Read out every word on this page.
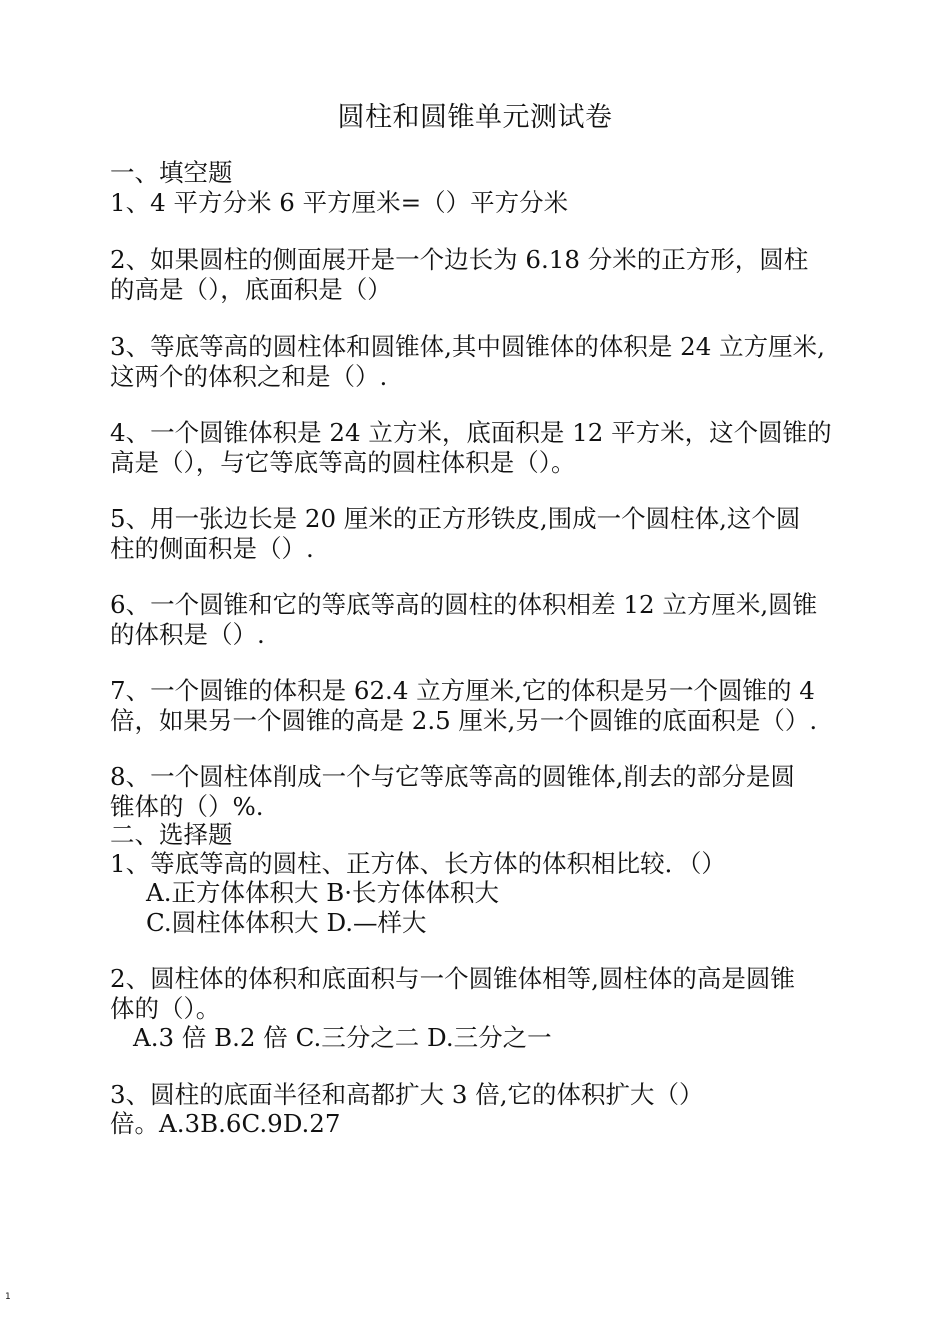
圆柱和圆锥单元测试卷
一、填空题
1、4 平方分米 6 平方厘米=（）平方分米
2、如果圆柱的侧面展开是一个边长为 6.18 分米的正方形，圆柱
的高是（），底面积是（）
3、等底等高的圆柱体和圆锥体,其中圆锥体的体积是 24 立方厘米,
这两个的体积之和是（）.
4、一个圆锥体积是 24 立方米，底面积是 12 平方米，这个圆锥的
高是（），与它等底等高的圆柱体积是（）。
5、用一张边长是 20 厘米的正方形铁皮,围成一个圆柱体,这个圆
柱的侧面积是（）.
6、一个圆锥和它的等底等高的圆柱的体积相差 12 立方厘米,圆锥
的体积是（）.
7、一个圆锥的体积是 62.4 立方厘米,它的体积是另一个圆锥的 4
倍，如果另一个圆锥的高是 2.5 厘米,另一个圆锥的底面积是（）.
8、一个圆柱体削成一个与它等底等高的圆锥体,削去的部分是圆
锥体的（）%.
二、选择题
1、等底等高的圆柱、正方体、长方体的体积相比较．（）
A.正方体体积大 B·长方体体积大
C.圆柱体体积大 D.—样大
2、圆柱体的体积和底面积与一个圆锥体相等,圆柱体的高是圆锥
体的（）。
A.3 倍 B.2 倍 C.三分之二 D.三分之一
3、圆柱的底面半径和高都扩大 3 倍,它的体积扩大（）
倍。A.3B.6C.9D.27
1
